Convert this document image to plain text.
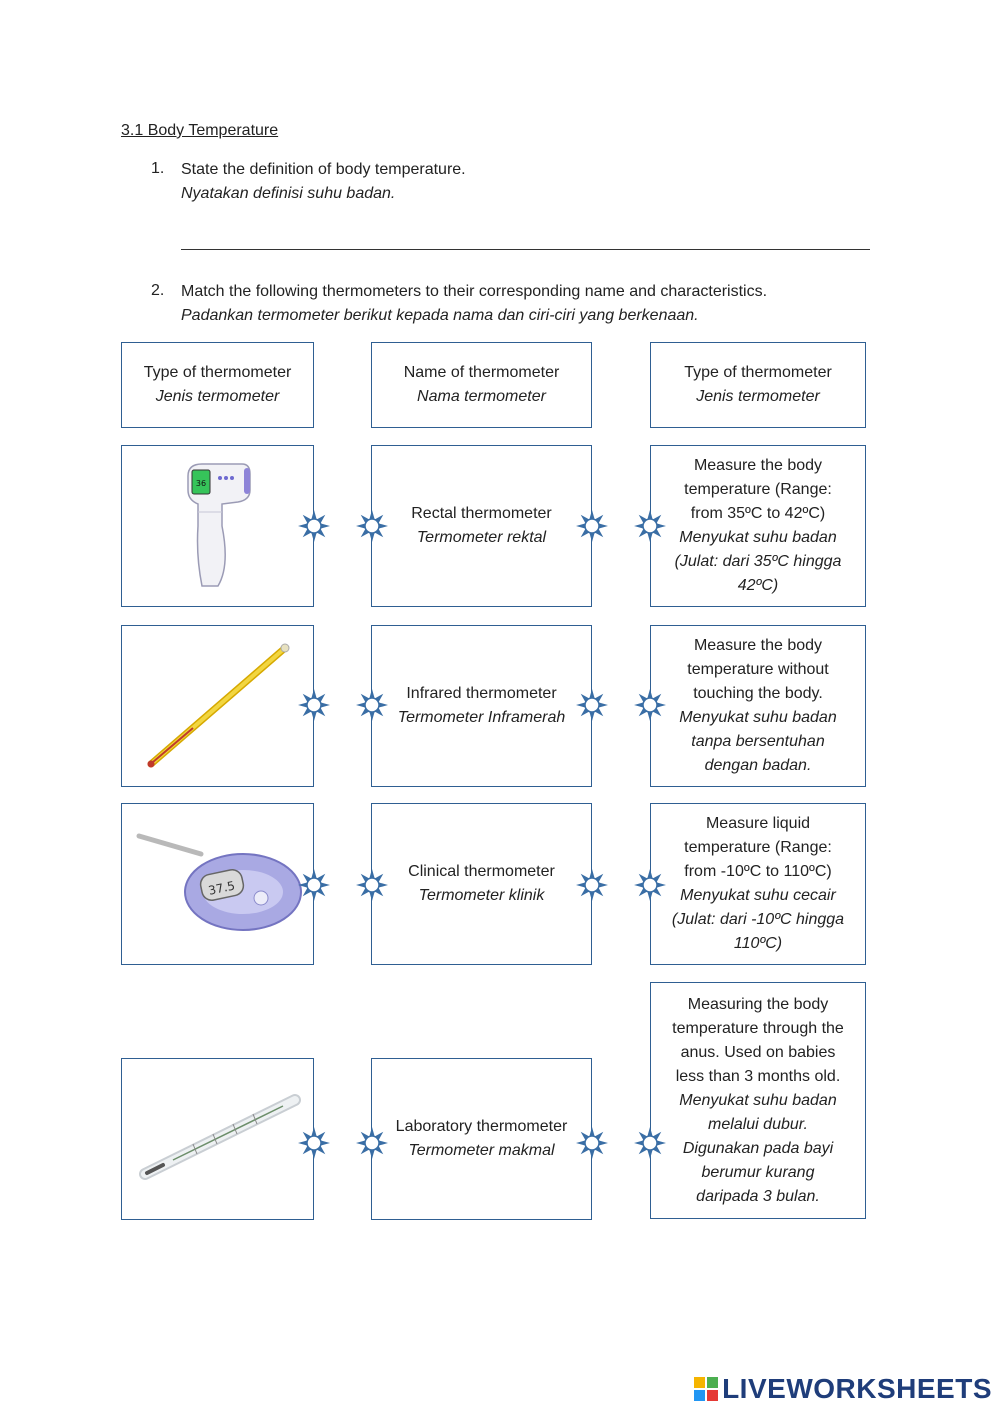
3.1 Body Temperature
1. State the definition of body temperature.
Nyatakan definisi suhu badan.
2. Match the following thermometers to their corresponding name and characteristics.
Padankan termometer berikut kepada nama dan ciri-ciri yang berkenaan.
Type of thermometer
Jenis termometer
Name of thermometer
Nama termometer
Type of thermometer
Jenis termometer
36
37.5
Rectal thermometer
Termometer rektal
Infrared thermometer
Termometer Inframerah
Clinical thermometer
Termometer klinik
Laboratory thermometer
Termometer makmal
Measure the body
temperature (Range:
from 35ºC to 42ºC)
Menyukat suhu badan
(Julat: dari 35ºC hingga
42ºC)
Measure the body
temperature without
touching the body.
Menyukat suhu badan
tanpa bersentuhan
dengan badan.
Measure liquid
temperature (Range:
from -10ºC to 110ºC)
Menyukat suhu cecair
(Julat: dari -10ºC hingga
110ºC)
Measuring the body
temperature through the
anus. Used on babies
less than 3 months old.
Menyukat suhu badan
melalui dubur.
Digunakan pada bayi
berumur kurang
daripada 3 bulan.
LIVEWORKSHEETS
